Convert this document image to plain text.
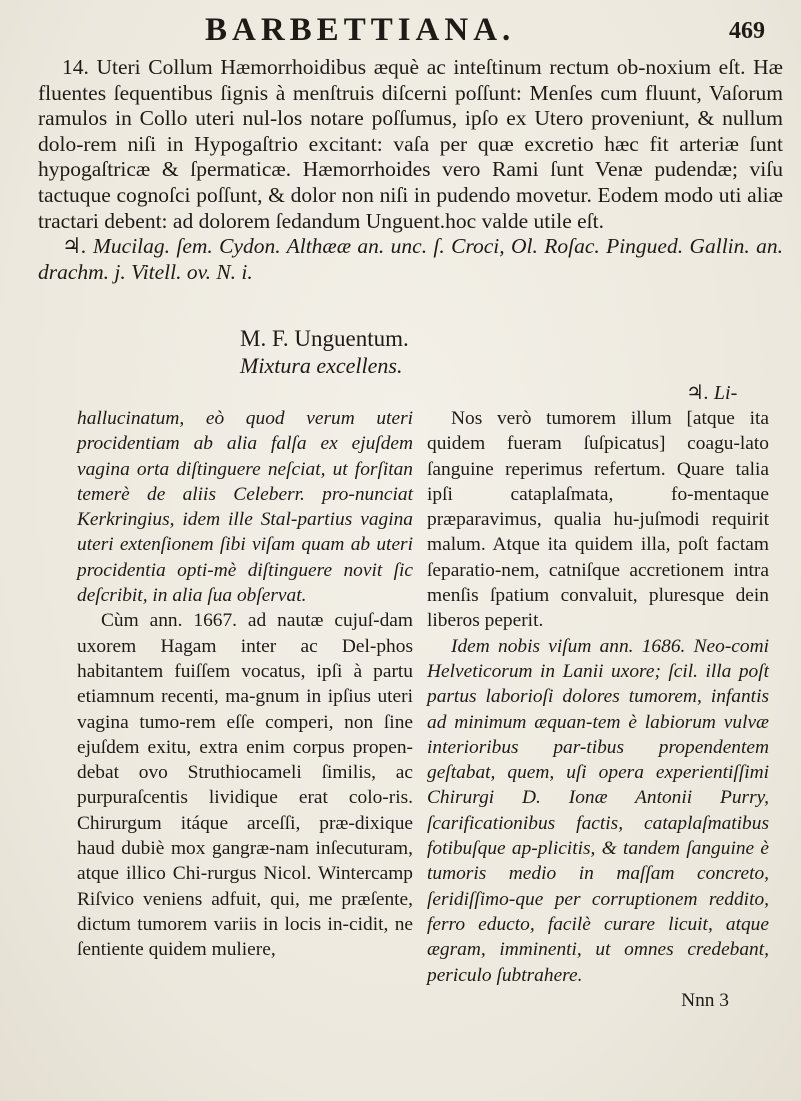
BARBETTIANA.	469

14. Uteri Collum Hæmorrhoidibus æquè ac inteſtinum rectum ob-noxium eſt. Hæ fluentes ſequentibus ſignis à menſtruis diſcerni poſſunt: Menſes cum fluunt, Vaſorum ramulos in Collo uteri nul-los notare poſſumus, ipſo ex Utero proveniunt, & nullum dolo-rem niſi in Hypogaſtrio excitant: vaſa per quæ excretio hæc fit arteriæ ſunt hypogaſtricæ & ſpermaticæ. Hæmorrhoides vero Rami ſunt Venæ pudendæ; viſu tactuque cognoſci poſſunt, & dolor non niſi in pudendo movetur. Eodem modo uti aliæ tractari debent: ad dolorem ſedandum Unguent.hoc valde utile eſt.

♃. Mucilag. ſem. Cydon. Althææ an. unc. ſ. Croci, Ol. Roſac. Pingued. Gallin. an. drachm. j. Vitell. ov. N. i.

M. F. Unguentum.

Mixtura excellens.

♃. Li-

hallucinatum, eò quod verum uteri procidentiam ab alia falſa ex ejuſdem vagina orta diſtinguere neſciat, ut forſitan temerè de aliis Celeberr. pro-nunciat Kerkringius, idem ille Stal-partius vagina uteri extenſionem ſibi viſam quam ab uteri procidentia opti-mè diſtinguere novit ſic deſcribit, in alia ſua obſervat.

Cùm ann. 1667. ad nautæ cujuſ-dam uxorem Hagam inter ac Del-phos habitantem fuiſſem vocatus, ipſi à partu etiamnum recenti, ma-gnum in ipſius uteri vagina tumo-rem eſſe comperi, non ſine ejuſdem exitu, extra enim corpus propen-debat ovo Struthiocameli ſimilis, ac purpuraſcentis lividique erat colo-ris. Chirurgum itáque arceſſi, præ-dixique haud dubiè mox gangræ-nam inſecuturam, atque illico Chi-rurgus Nicol. Wintercamp Riſvico veniens adfuit, qui, me præſente, dictum tumorem variis in locis in-cidit, ne ſentiente quidem muliere,

Nos verò tumorem illum [atque ita quidem fueram ſuſpicatus] coagu-lato ſanguine reperimus refertum. Quare talia ipſi cataplaſmata, fo-mentaque præparavimus, qualia hu-juſmodi requirit malum. Atque ita quidem illa, poſt factam ſeparatio-nem, catniſque accretionem intra menſis ſpatium convaluit, pluresque dein liberos peperit.

Idem nobis viſum ann. 1686. Neo-comi Helveticorum in Lanii uxore; ſcil. illa poſt partus laborioſi dolores tumorem, infantis ad minimum æquan-tem è labiorum vulvæ interioribus par-tibus propendentem geſtabat, quem, uſi opera experientiſſimi Chirurgi D. Ionæ Antonii Purry, ſcarificationibus factis, cataplaſmatibus fotibuſque ap-plicitis, & tandem ſanguine è tumoris medio in maſſam concreto, ſeridiſſimo-que per corruptionem reddito, ferro educto, facilè curare licuit, atque ægram, imminenti, ut omnes credebant, periculo ſubtrahere.

Nnn 3
